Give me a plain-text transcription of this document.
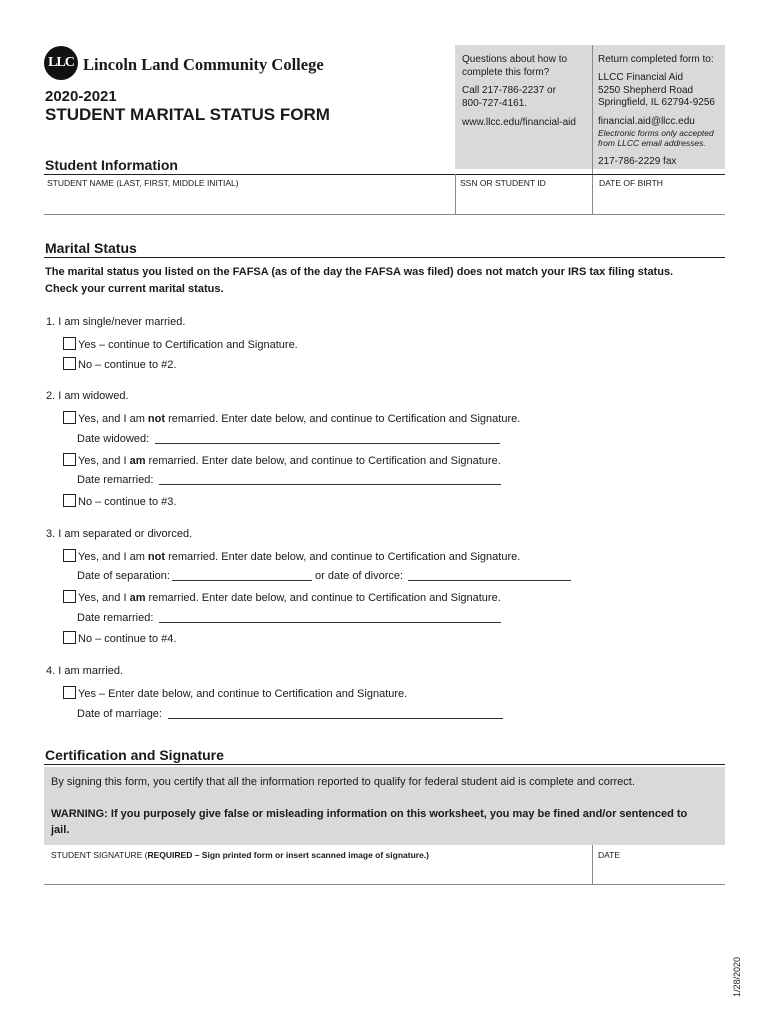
LLC Lincoln Land Community College
2020-2021
STUDENT MARITAL STATUS FORM
Questions about how to
complete this form?
Call 217-786-2237 or
800-727-4161.
www.llcc.edu/financial-aid
Return completed form to:
LLCC Financial Aid
5250 Shepherd Road
Springfield, IL 62794-9256
financial.aid@llcc.edu
Electronic forms only accepted
from LLCC email addresses.
217-786-2229 fax
Student Information
STUDENT NAME (LAST, FIRST, MIDDLE INITIAL)	SSN OR STUDENT ID	DATE OF BIRTH
Marital Status
The marital status you listed on the FAFSA (as of the day the FAFSA was filed) does not match your IRS tax filing status.
Check your current marital status.
1. I am single/never married.
Yes – continue to Certification and Signature.
No – continue to #2.
2. I am widowed.
Yes, and I am not remarried. Enter date below, and continue to Certification and Signature.
Date widowed:
Yes, and I am remarried. Enter date below, and continue to Certification and Signature.
Date remarried:
No – continue to #3.
3. I am separated or divorced.
Yes, and I am not remarried. Enter date below, and continue to Certification and Signature.
Date of separation:	or date of divorce:
Yes, and I am remarried. Enter date below, and continue to Certification and Signature.
Date remarried:
No – continue to #4.
4. I am married.
Yes – Enter date below, and continue to Certification and Signature.
Date of marriage:
Certification and Signature
By signing this form, you certify that all the information reported to qualify for federal student aid is complete and correct.
WARNING: If you purposely give false or misleading information on this worksheet, you may be fined and/or sentenced to
jail.
STUDENT SIGNATURE (REQUIRED – Sign printed form or insert scanned image of signature.)	DATE
1/28/2020
